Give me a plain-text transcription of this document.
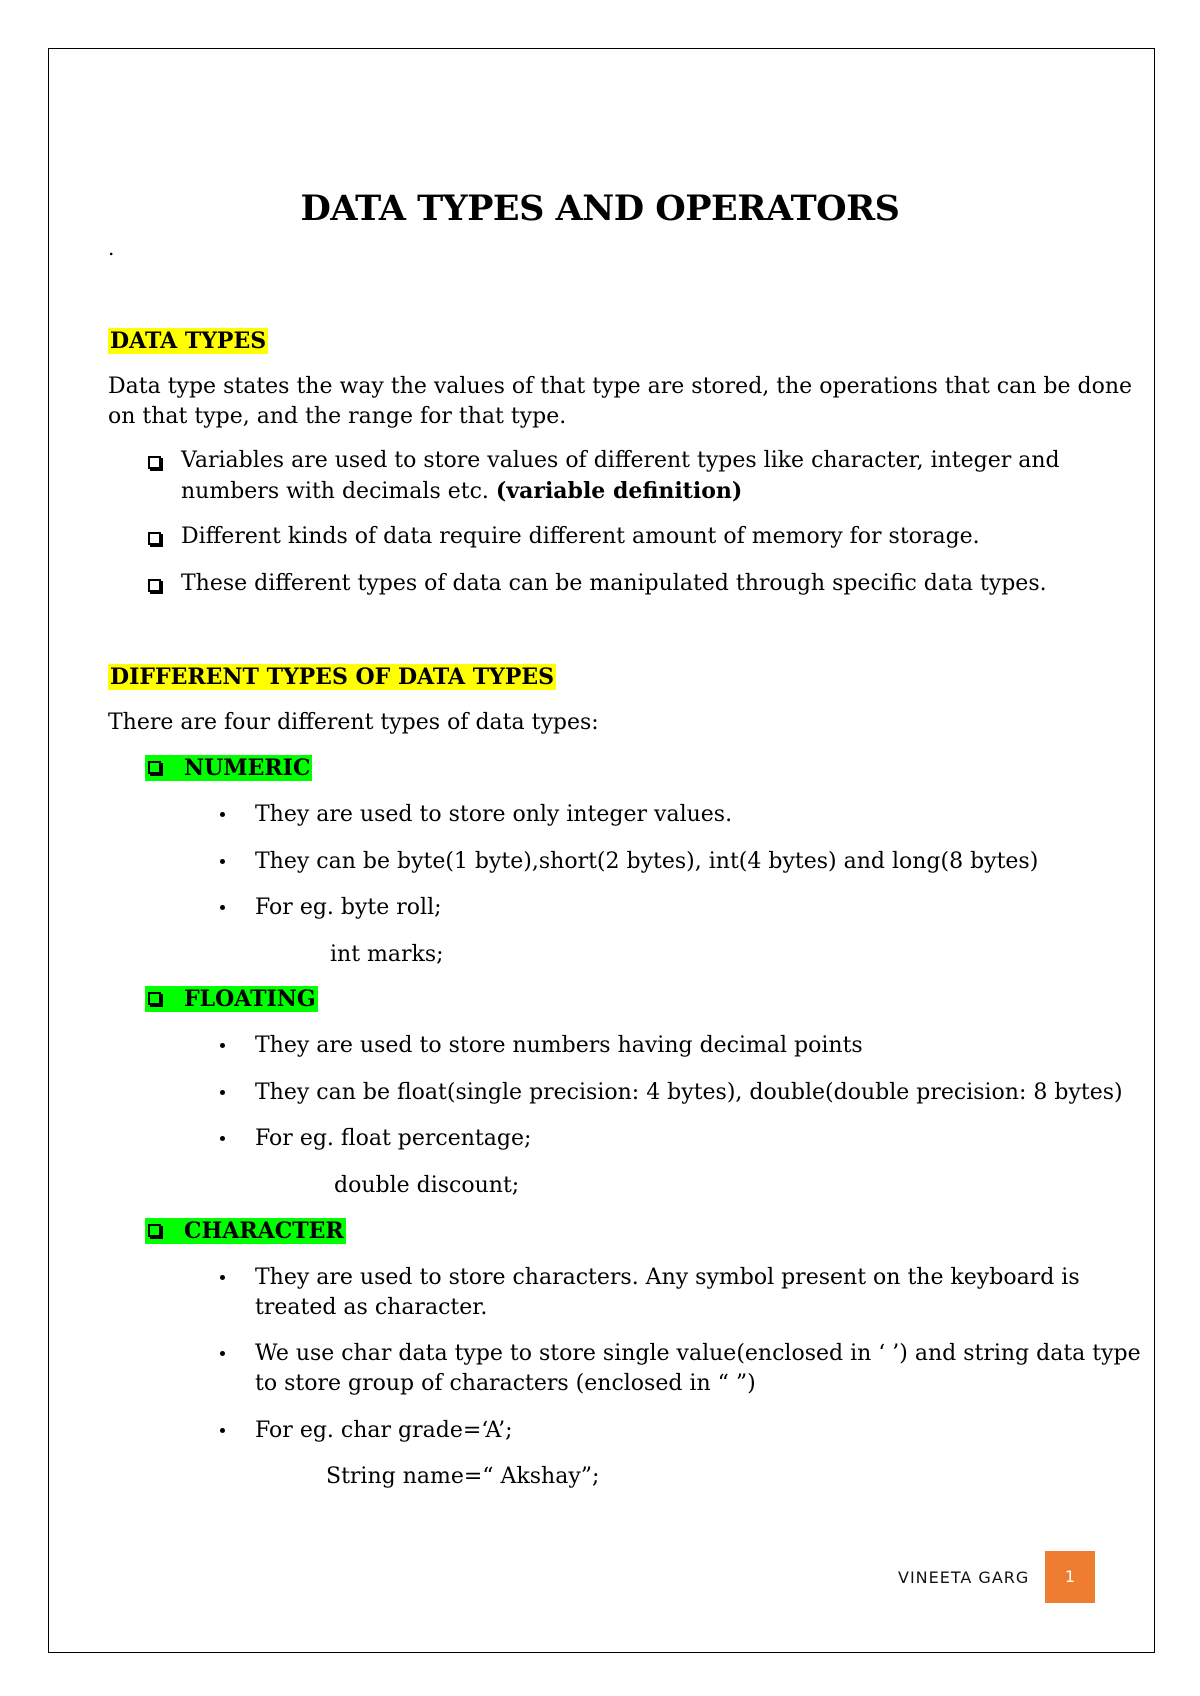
DATA TYPES AND OPERATORS
.
DATA TYPES
Data type states the way the values of that type are stored, the operations that can be done
on that type, and the range for that type.
Variables are used to store values of different types like character, integer and
numbers with decimals etc. (variable definition)
Different kinds of data require different amount of memory for storage.
These different types of data can be manipulated through specific data types.
DIFFERENT TYPES OF DATA TYPES
There are four different types of data types:
NUMERIC
They are used to store only integer values.
They can be byte(1 byte),short(2 bytes), int(4 bytes) and long(8 bytes)
For eg. byte roll;
int marks;
FLOATING
They are used to store numbers having decimal points
They can be float(single precision: 4 bytes), double(double precision: 8 bytes)
For eg. float percentage;
double discount;
CHARACTER
They are used to store characters. Any symbol present on the keyboard is
treated as character.
We use char data type to store single value(enclosed in ‘ ’) and string data type
to store group of characters (enclosed in “ ”)
For eg. char grade=‘A’;
String name=“ Akshay”;
VINEETA GARG	1
